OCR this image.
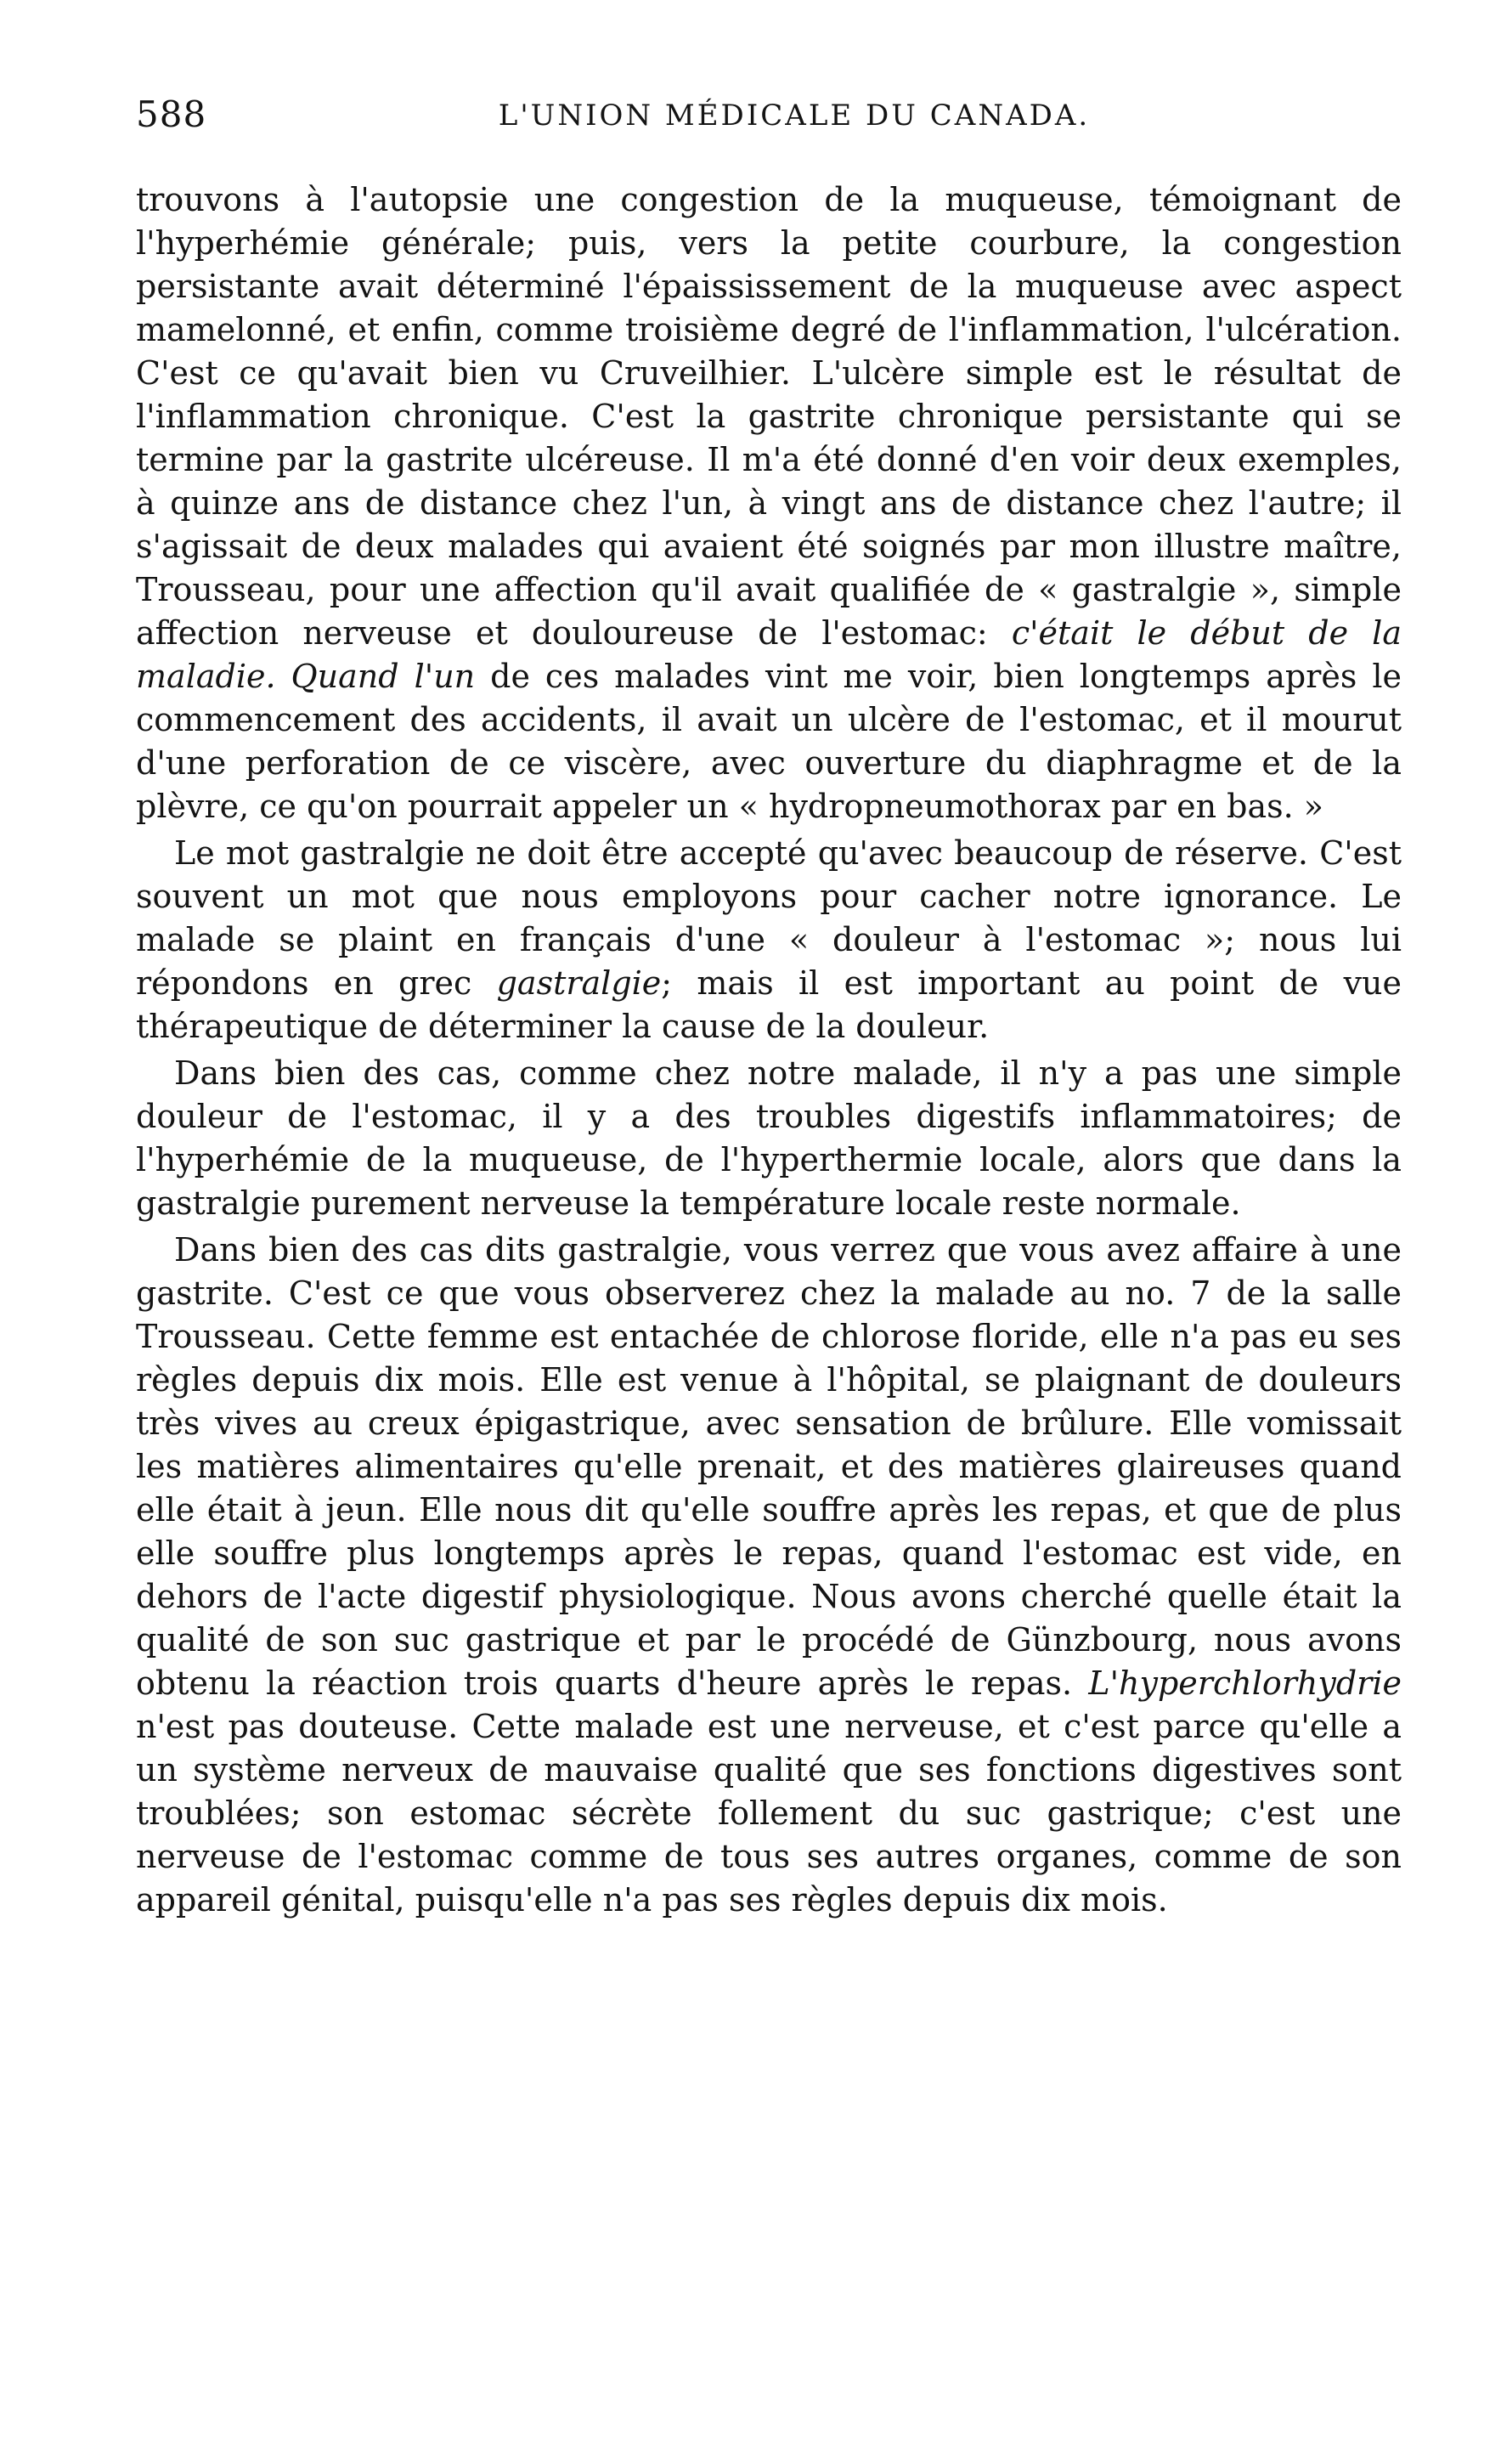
588	L'UNION MÉDICALE DU CANADA.

trouvons à l'autopsie une congestion de la muqueuse, témoignant de l'hyperhémie générale; puis, vers la petite courbure, la congestion persistante avait déterminé l'épaississement de la muqueuse avec aspect mamelonné, et enfin, comme troisième degré de l'inflammation, l'ulcération. C'est ce qu'avait bien vu Cruveilhier. L'ulcère simple est le résultat de l'inflammation chronique. C'est la gastrite chronique persistante qui se termine par la gastrite ulcéreuse. Il m'a été donné d'en voir deux exemples, à quinze ans de distance chez l'un, à vingt ans de distance chez l'autre; il s'agissait de deux malades qui avaient été soignés par mon illustre maître, Trousseau, pour une affection qu'il avait qualifiée de « gastralgie », simple affection nerveuse et douloureuse de l'estomac: c'était le début de la maladie. Quand l'un de ces malades vint me voir, bien longtemps après le commencement des accidents, il avait un ulcère de l'estomac, et il mourut d'une perforation de ce viscère, avec ouverture du diaphragme et de la plèvre, ce qu'on pourrait appeler un « hydropneumothorax par en bas. »

Le mot gastralgie ne doit être accepté qu'avec beaucoup de réserve. C'est souvent un mot que nous employons pour cacher notre ignorance. Le malade se plaint en français d'une « douleur à l'estomac »; nous lui répondons en grec gastralgie; mais il est important au point de vue thérapeutique de déterminer la cause de la douleur.

Dans bien des cas, comme chez notre malade, il n'y a pas une simple douleur de l'estomac, il y a des troubles digestifs inflammatoires; de l'hyperhémie de la muqueuse, de l'hyperthermie locale, alors que dans la gastralgie purement nerveuse la température locale reste normale.

Dans bien des cas dits gastralgie, vous verrez que vous avez affaire à une gastrite. C'est ce que vous observerez chez la malade au no. 7 de la salle Trousseau. Cette femme est entachée de chlorose floride, elle n'a pas eu ses règles depuis dix mois. Elle est venue à l'hôpital, se plaignant de douleurs très vives au creux épigastrique, avec sensation de brûlure. Elle vomissait les matières alimentaires qu'elle prenait, et des matières glaireuses quand elle était à jeun. Elle nous dit qu'elle souffre après les repas, et que de plus elle souffre plus longtemps après le repas, quand l'estomac est vide, en dehors de l'acte digestif physiologique. Nous avons cherché quelle était la qualité de son suc gastrique et par le procédé de Günzbourg, nous avons obtenu la réaction trois quarts d'heure après le repas. L'hyperchlorhydrie n'est pas douteuse. Cette malade est une nerveuse, et c'est parce qu'elle a un système nerveux de mauvaise qualité que ses fonctions digestives sont troublées; son estomac sécrète follement du suc gastrique; c'est une nerveuse de l'estomac comme de tous ses autres organes, comme de son appareil génital, puisqu'elle n'a pas ses règles depuis dix mois.
